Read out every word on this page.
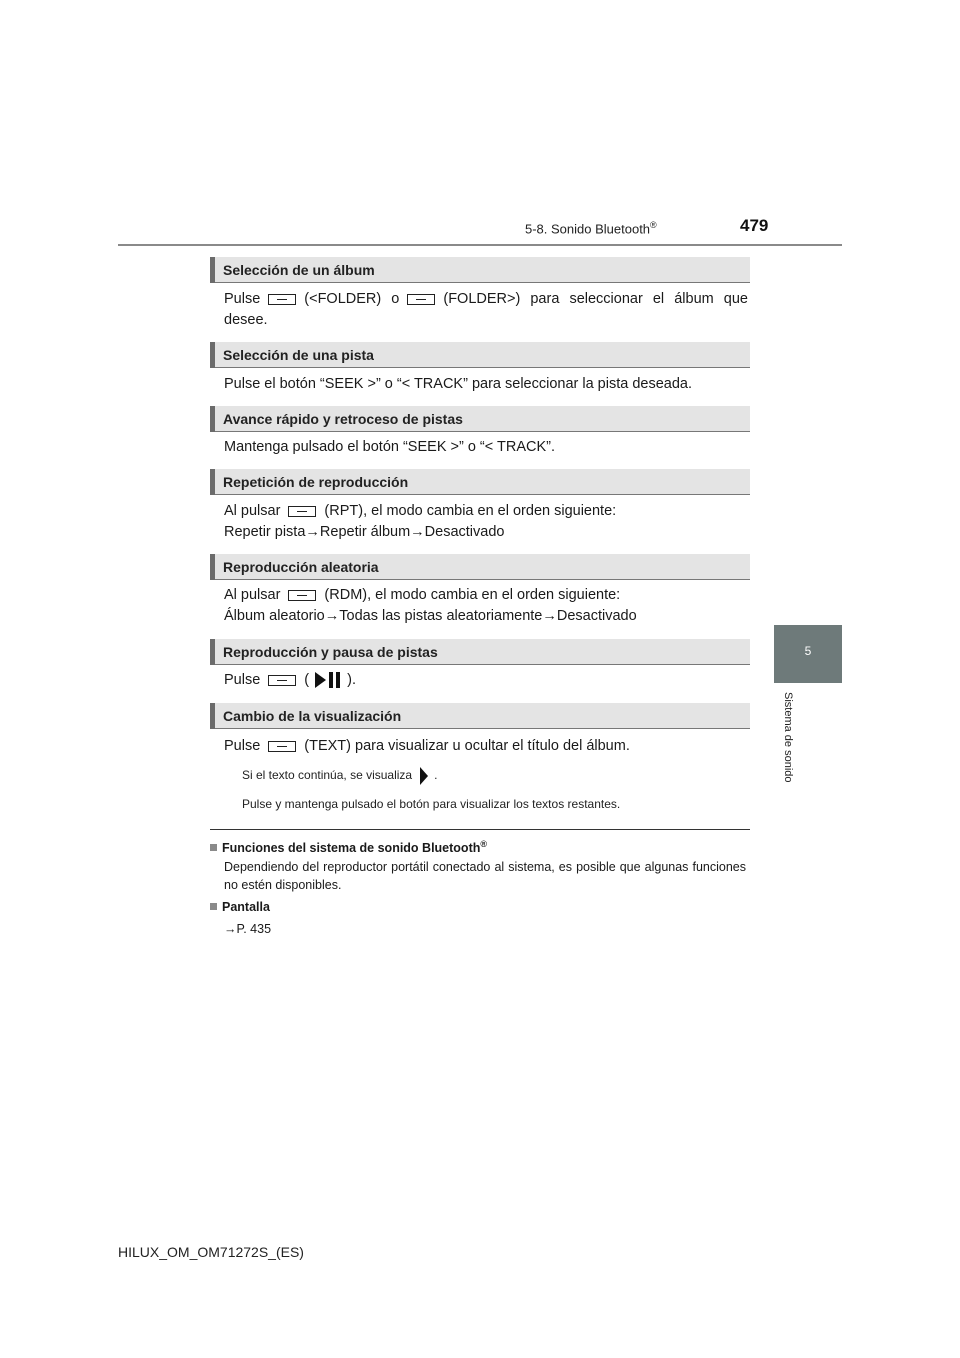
5-8. Sonido Bluetooth®	479
5
Sistema de sonido
Selección de un álbum
Pulse	(<FOLDER) o	(FOLDER>) para seleccionar el álbum que
desee.
Selección de una pista
Pulse el botón “SEEK >” o “< TRACK” para seleccionar la pista deseada.
Avance rápido y retroceso de pistas
Mantenga pulsado el botón “SEEK >” o “< TRACK”.
Repetición de reproducción
Al pulsar	(RPT), el modo cambia en el orden siguiente:
Repetir pista→Repetir álbum→Desactivado
Reproducción aleatoria
Al pulsar	(RDM), el modo cambia en el orden siguiente:
Álbum aleatorio→Todas las pistas aleatoriamente→Desactivado
Reproducción y pausa de pistas
Pulse	(	).
Cambio de la visualización
Pulse	(TEXT) para visualizar u ocultar el título del álbum.
Si el texto continúa, se visualiza .
Pulse y mantenga pulsado el botón para visualizar los textos restantes.
Funciones del sistema de sonido Bluetooth®
Dependiendo del reproductor portátil conectado al sistema, es posible que algunas funciones no estén disponibles.
Pantalla
→P. 435
HILUX_OM_OM71272S_(ES)
